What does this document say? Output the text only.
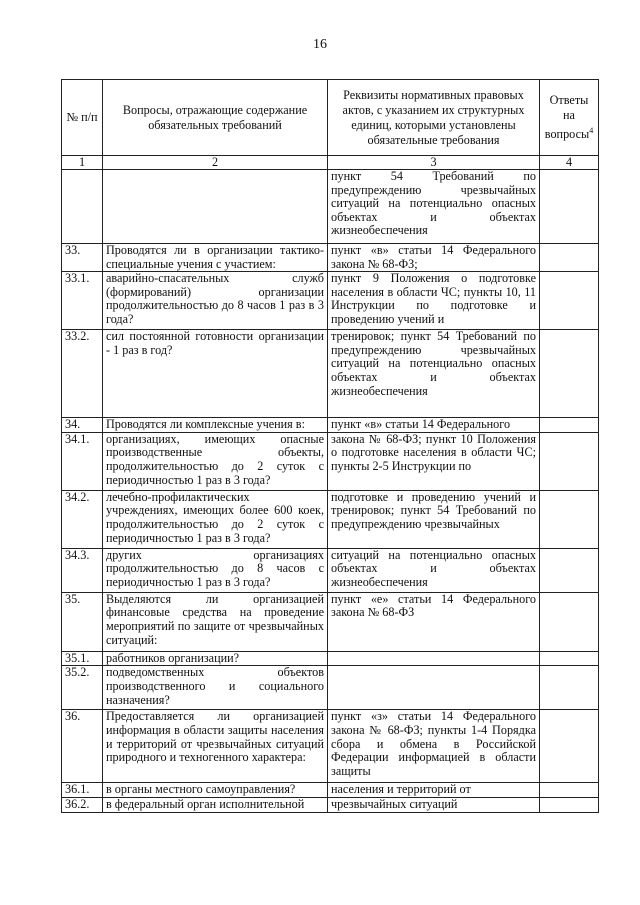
16
№ п/п	Вопросы, отражающие содержание обязательных требований	Реквизиты нормативных правовых актов, с указанием их структурных единиц, которыми установлены обязательные требования	Ответы на вопросы$^4$
1	2	3	4
		пункт 54 Требований по предупреждению чрезвычайных ситуаций на потенциально опасных объектах и объектах жизнеобеспечения	
33.	Проводятся ли в организации тактико-специальные учения с участием:	пункт «в» статьи 14 Федерального закона № 68-ФЗ;	
33.1.	аварийно-спасательных служб (формирований) организации продолжительностью до 8 часов 1 раз в 3 года?	пункт 9 Положения о подготовке населения в области ЧС; пункты 10, 11 Инструкции по подготовке и проведению учений и	
33.2.	сил постоянной готовности организации - 1 раз в год?	тренировок; пункт 54 Требований по предупреждению чрезвычайных ситуаций на потенциально опасных объектах и объектах жизнеобеспечения	
34.	Проводятся ли комплексные учения в:	пункт «в» статьи 14 Федерального	
34.1.	организациях, имеющих опасные производственные объекты, продолжительностью до 2 суток с периодичностью 1 раз в 3 года?	закона № 68-ФЗ; пункт 10 Положения о подготовке населения в области ЧС; пункты 2-5 Инструкции по	
34.2.	лечебно-профилактических учреждениях, имеющих более 600 коек, продолжительностью до 2 суток с периодичностью 1 раз в 3 года?	подготовке и проведению учений и тренировок; пункт 54 Требований по предупреждению чрезвычайных	
34.3.	других организациях продолжительностью до 8 часов с периодичностью 1 раз в 3 года?	ситуаций на потенциально опасных объектах и объектах жизнеобеспечения	
35.	Выделяются ли организацией финансовые средства на проведение мероприятий по защите от чрезвычайных ситуаций:	пункт «е» статьи 14 Федерального закона № 68-ФЗ	
35.1.	работников организации?		
35.2.	подведомственных объектов производственного и социального назначения?		
36.	Предоставляется ли организацией информация в области защиты населения и территорий от чрезвычайных ситуаций природного и техногенного характера:	пункт «з» статьи 14 Федерального закона № 68-ФЗ; пункты 1-4 Порядка сбора и обмена в Российской Федерации информацией в области защиты	
36.1.	в органы местного самоуправления?	населения и территорий от	
36.2.	в федеральный орган исполнительной	чрезвычайных ситуаций	
